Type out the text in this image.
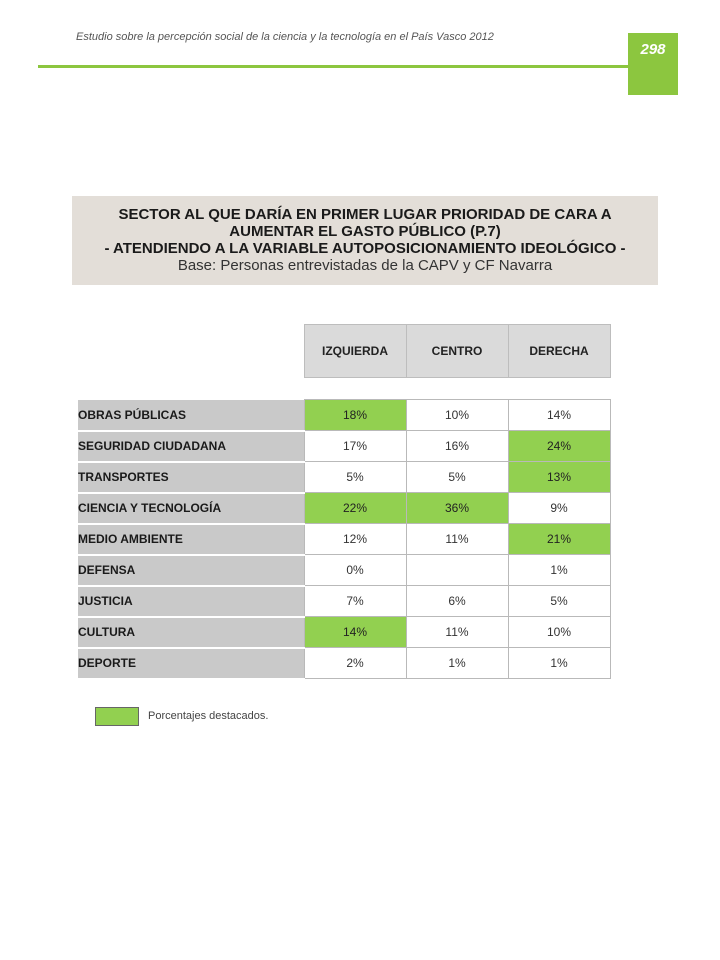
Estudio sobre la percepción social de la ciencia y la tecnología en el País Vasco 2012
298
SECTOR AL QUE DARÍA EN PRIMER LUGAR PRIORIDAD DE CARA A
AUMENTAR EL GASTO PÚBLICO (P.7)
- ATENDIENDO A LA VARIABLE AUTOPOSICIONAMIENTO IDEOLÓGICO -
Base: Personas entrevistadas de la CAPV y CF Navarra
	IZQUIERDA	CENTRO	DERECHA

OBRAS PÚBLICAS	18%	10%	14%
SEGURIDAD CIUDADANA	17%	16%	24%
TRANSPORTES	5%	5%	13%
CIENCIA Y TECNOLOGÍA	22%	36%	9%
MEDIO AMBIENTE	12%	11%	21%
DEFENSA	0%		1%
JUSTICIA	7%	6%	5%
CULTURA	14%	11%	10%
DEPORTE	2%	1%	1%
Porcentajes destacados.
